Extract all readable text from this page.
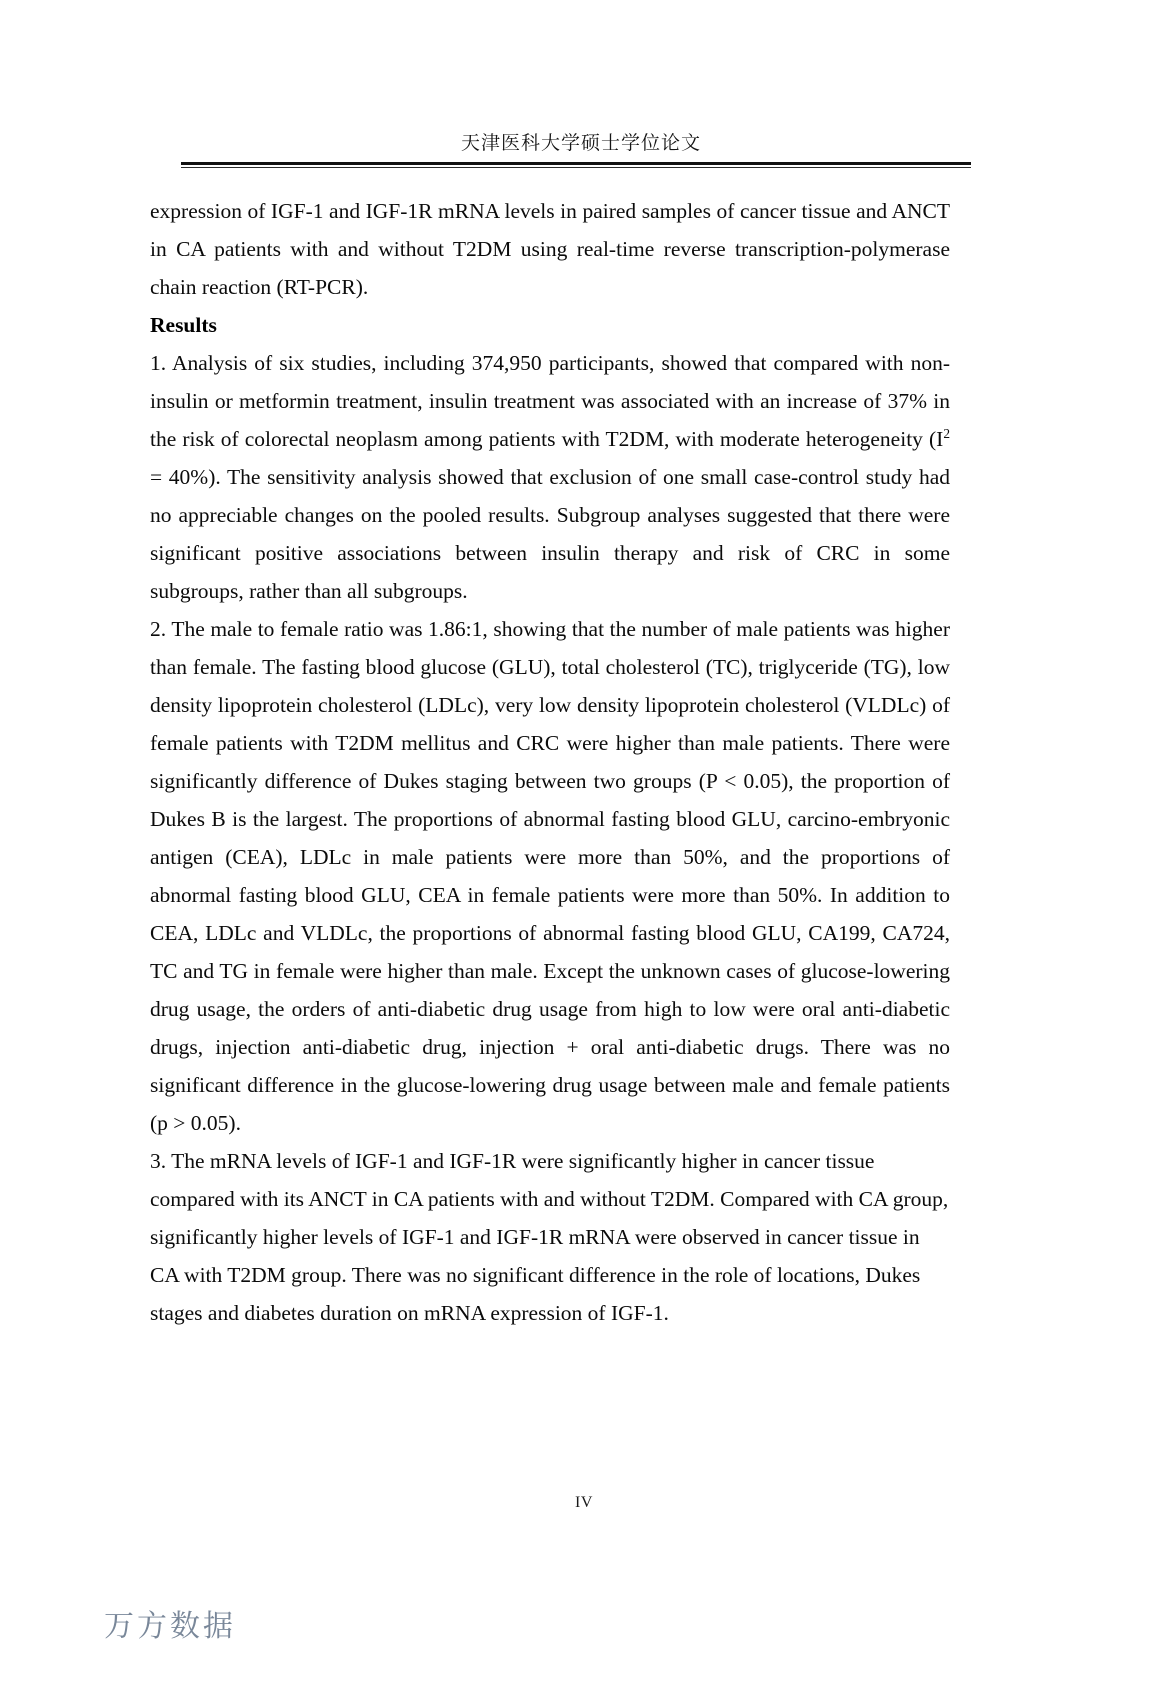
天津医科大学硕士学位论文

expression of IGF-1 and IGF-1R mRNA levels in paired samples of cancer tissue and ANCT in CA patients with and without T2DM using real-time reverse transcription-polymerase chain reaction (RT-PCR).

Results

1. Analysis of six studies, including 374,950 participants, showed that compared with non-insulin or metformin treatment, insulin treatment was associated with an increase of 37% in the risk of colorectal neoplasm among patients with T2DM, with moderate heterogeneity $(I^2 = 40\%)$. The sensitivity analysis showed that exclusion of one small case-control study had no appreciable changes on the pooled results. Subgroup analyses suggested that there were significant positive associations between insulin therapy and risk of CRC in some subgroups, rather than all subgroups.

2. The male to female ratio was 1.86:1, showing that the number of male patients was higher than female. The fasting blood glucose (GLU), total cholesterol (TC), triglyceride (TG), low density lipoprotein cholesterol (LDLc), very low density lipoprotein cholesterol (VLDLc) of female patients with T2DM mellitus and CRC were higher than male patients. There were significantly difference of Dukes staging between two groups (P < 0.05), the proportion of Dukes B is the largest. The proportions of abnormal fasting blood GLU, carcino-embryonic antigen (CEA), LDLc in male patients were more than 50%, and the proportions of abnormal fasting blood GLU, CEA in female patients were more than 50%. In addition to CEA, LDLc and VLDLc, the proportions of abnormal fasting blood GLU, CA199, CA724, TC and TG in female were higher than male. Except the unknown cases of glucose-lowering drug usage, the orders of anti-diabetic drug usage from high to low were oral anti-diabetic drugs, injection anti-diabetic drug, injection + oral anti-diabetic drugs. There was no significant difference in the glucose-lowering drug usage between male and female patients (p > 0.05).

3. The mRNA levels of IGF-1 and IGF-1R were significantly higher in cancer tissue compared with its ANCT in CA patients with and without T2DM. Compared with CA group, significantly higher levels of IGF-1 and IGF-1R mRNA were observed in cancer tissue in CA with T2DM group. There was no significant difference in the role of locations, Dukes stages and diabetes duration on mRNA expression of IGF-1.

IV
万方数据
